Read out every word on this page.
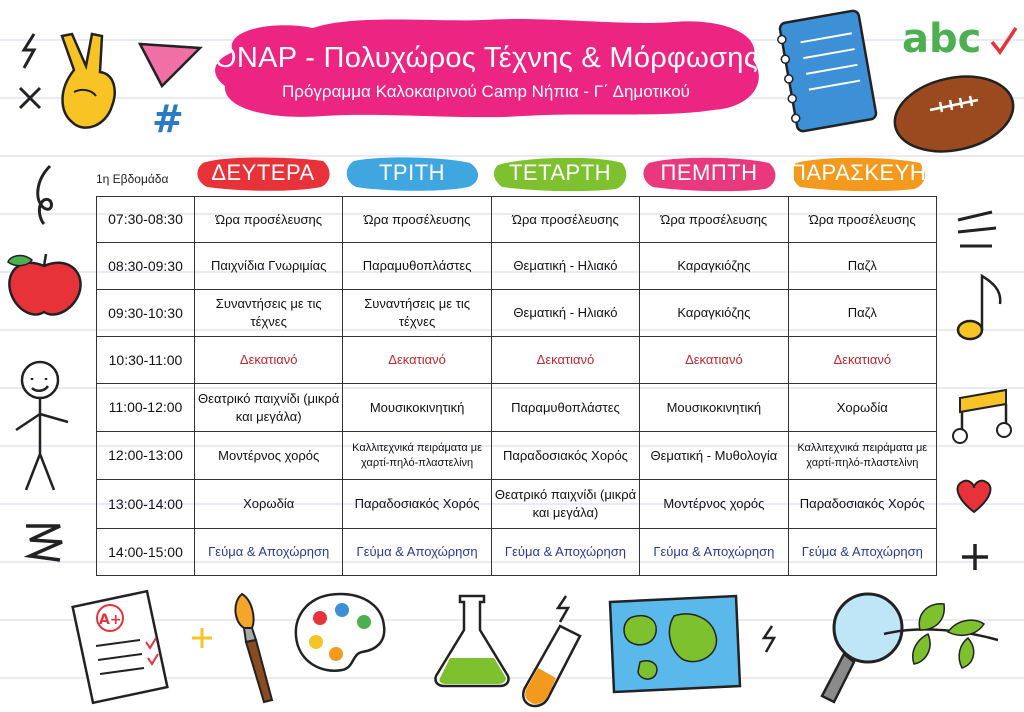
ΟΝΑΡ - Πολυχώρος Τέχνης & Μόρφωσης
Πρόγραμμα Καλοκαιρινού Camp Νήπια - Γ΄ Δημοτικού
1η Εβδομάδα	ΔΕΥΤΕΡΑ	ΤΡΙΤΗ	ΤΕΤΑΡΤΗ	ΠΕΜΠΤΗ	ΠΑΡΑΣΚΕΥΗ
07:30-08:30	Ώρα προσέλευσης	Ώρα προσέλευσης	Ώρα προσέλευσης	Ώρα προσέλευσης	Ώρα προσέλευσης
08:30-09:30	Παιχνίδια Γνωριμίας	Παραμυθοπλάστες	Θεματική - Ηλιακό	Καραγκιόζης	Παζλ
09:30-10:30	Συναντήσεις με τις τέχνες	Συναντήσεις με τις τέχνες	Θεματική - Ηλιακό	Καραγκιόζης	Παζλ
10:30-11:00	Δεκατιανό	Δεκατιανό	Δεκατιανό	Δεκατιανό	Δεκατιανό
11:00-12:00	Θεατρικό παιχνίδι (μικρά και μεγάλα)	Μουσικοκινητική	Παραμυθοπλάστες	Μουσικοκινητική	Χορωδία
12:00-13:00	Μοντέρνος χορός	Καλλιτεχνικά πειράματα με χαρτί-πηλό-πλαστελίνη	Παραδοσιακός Χορός	Θεματική - Μυθολογία	Καλλιτεχνικά πειράματα με χαρτί-πηλό-πλαστελίνη
13:00-14:00	Χορωδία	Παραδοσιακός Χορός	Θεατρικό παιχνίδι (μικρά και μεγάλα)	Μοντέρνος χορός	Παραδοσιακός Χορός
14:00-15:00	Γεύμα & Αποχώρηση	Γεύμα & Αποχώρηση	Γεύμα & Αποχώρηση	Γεύμα & Αποχώρηση	Γεύμα & Αποχώρηση
#
abc
A+
